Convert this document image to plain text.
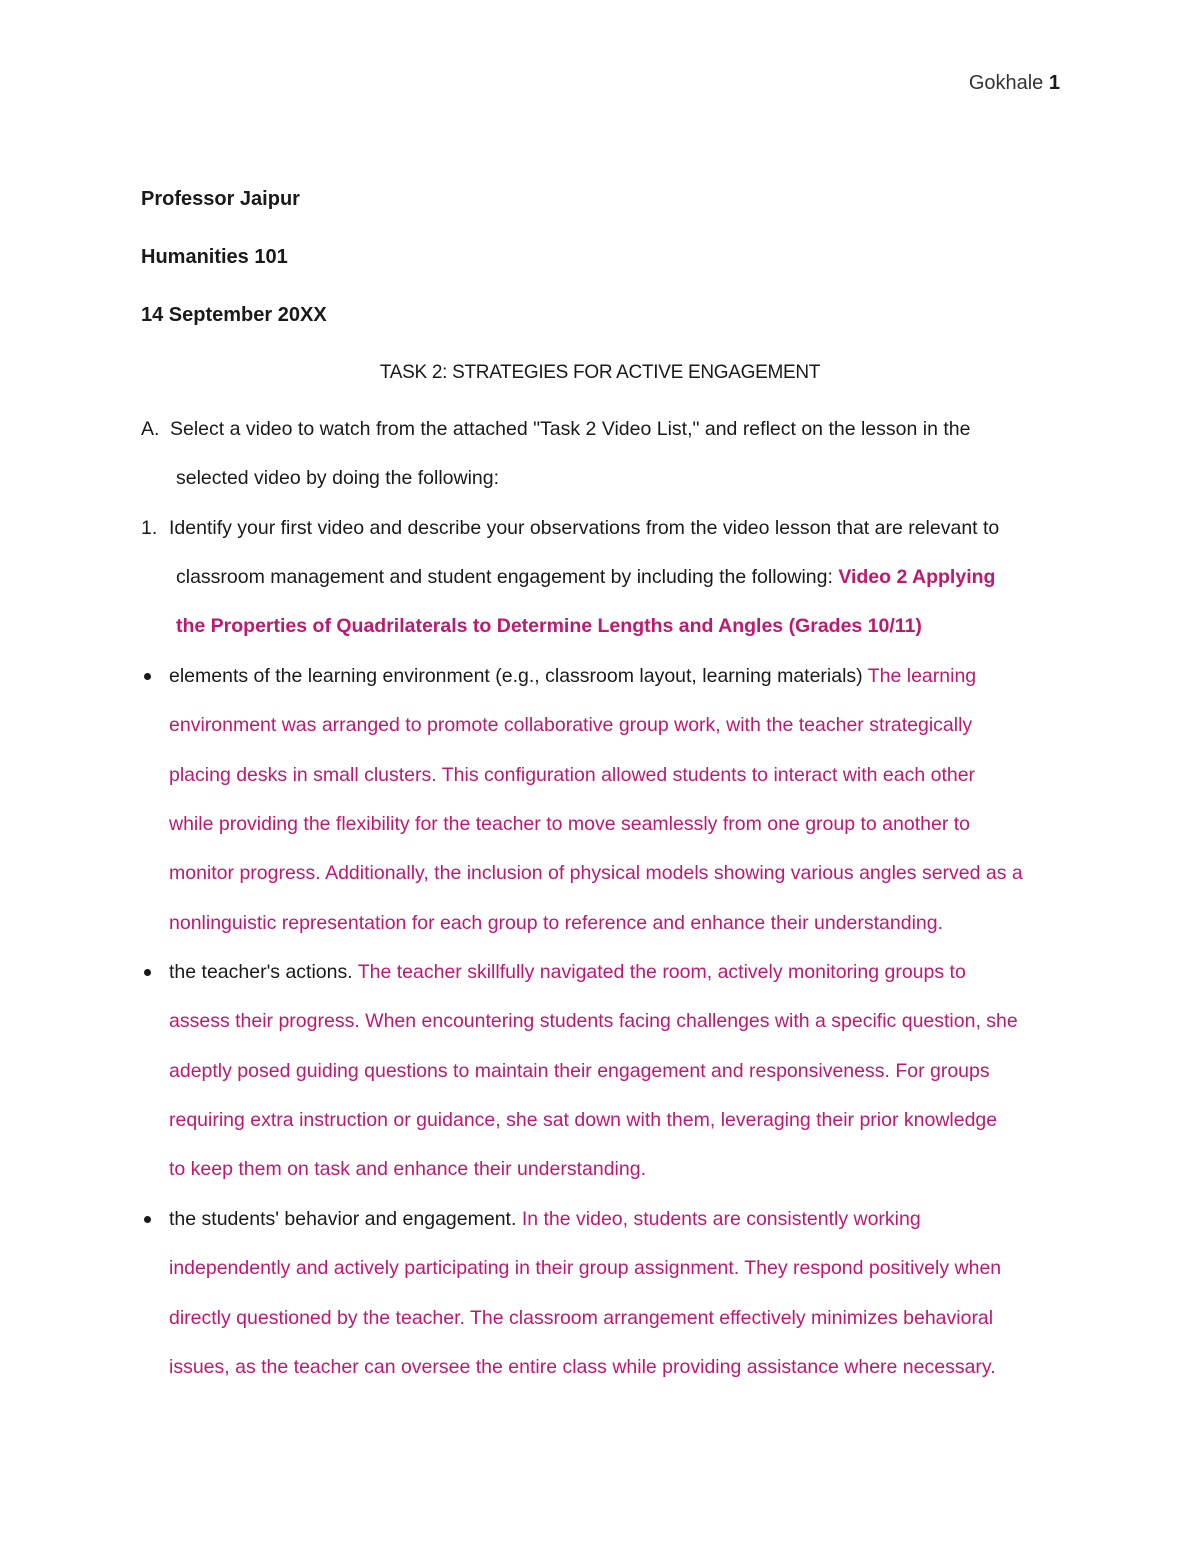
Gokhale 1
Professor Jaipur
Humanities 101
14 September 20XX
TASK 2: STRATEGIES FOR ACTIVE ENGAGEMENT
A. Select a video to watch from the attached "Task 2 Video List," and reflect on the lesson in the
selected video by doing the following:
1. Identify your first video and describe your observations from the video lesson that are relevant to
classroom management and student engagement by including the following: Video 2 Applying
the Properties of Quadrilaterals to Determine Lengths and Angles (Grades 10/11)
elements of the learning environment (e.g., classroom layout, learning materials) The learning
environment was arranged to promote collaborative group work, with the teacher strategically
placing desks in small clusters. This configuration allowed students to interact with each other
while providing the flexibility for the teacher to move seamlessly from one group to another to
monitor progress. Additionally, the inclusion of physical models showing various angles served as a
nonlinguistic representation for each group to reference and enhance their understanding.
the teacher's actions. The teacher skillfully navigated the room, actively monitoring groups to
assess their progress. When encountering students facing challenges with a specific question, she
adeptly posed guiding questions to maintain their engagement and responsiveness. For groups
requiring extra instruction or guidance, she sat down with them, leveraging their prior knowledge
to keep them on task and enhance their understanding.
the students' behavior and engagement. In the video, students are consistently working
independently and actively participating in their group assignment. They respond positively when
directly questioned by the teacher. The classroom arrangement effectively minimizes behavioral
issues, as the teacher can oversee the entire class while providing assistance where necessary.
